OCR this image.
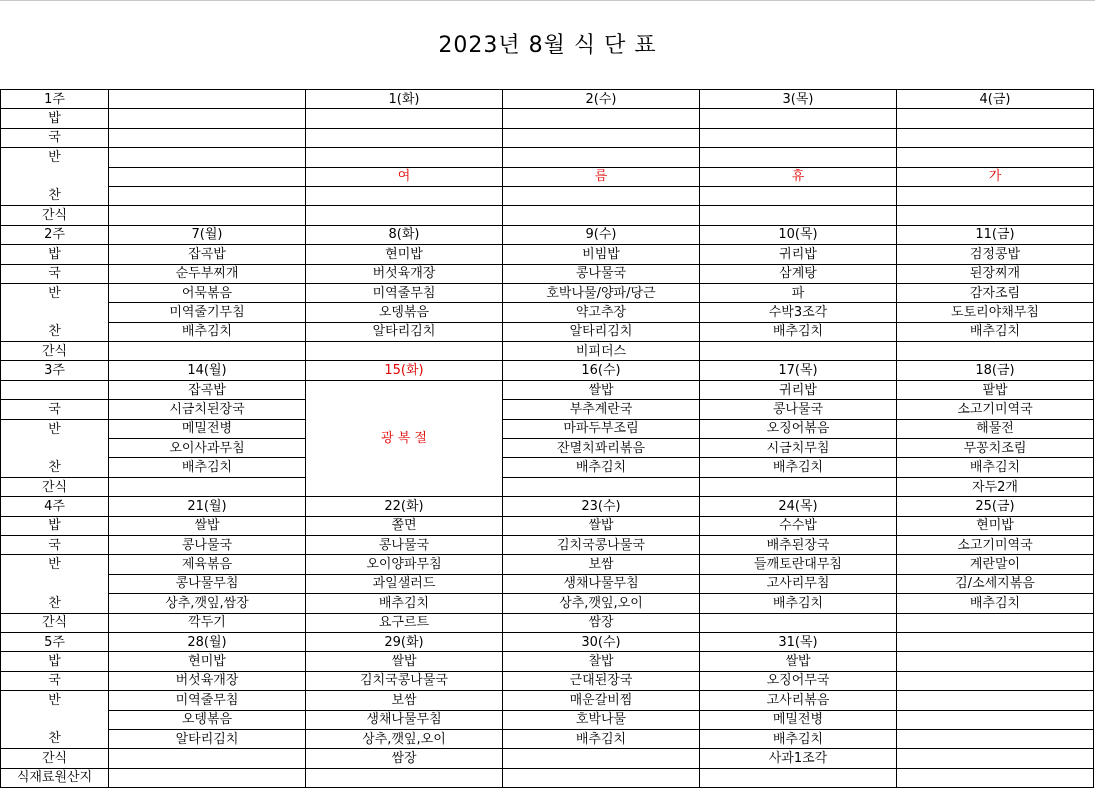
2023년 8월 식 단 표
1주		1(화)	2(수)	3(목)	4(금)
밥					
국					
반					
		여	름	휴	가
찬					
간식					
2주	7(월)	8(화)	9(수)	10(목)	11(금)
밥	잡곡밥	현미밥	비빔밥	귀리밥	검정콩밥
국	순두부찌개	버섯육개장	콩나물국	삼계탕	된장찌개
반	어묵볶음	미역줄무침	호박나물/양파/당근	파	감자조림
	미역줄기무침	오뎅볶음	약고추장	수박3조각	도토리야채무침
찬	배추김치	알타리김치	알타리김치	배추김치	배추김치
간식			비피더스		
3주	14(월)	15(화)	16(수)	17(목)	18(금)
	잡곡밥	광 복 절	쌀밥	귀리밥	팥밥
국	시금치된장국		부추계란국	콩나물국	소고기미역국
반	메밀전병		마파두부조림	오징어볶음	해물전
	오이사과무침		잔멸치꽈리볶음	시금치무침	무꽁치조림
찬	배추김치		배추김치	배추김치	배추김치
간식					자두2개
4주	21(월)	22(화)	23(수)	24(목)	25(금)
밥	쌀밥	쫄면	쌀밥	수수밥	현미밥
국	콩나물국	콩나물국	김치국콩나물국	배추된장국	소고기미역국
반	제육볶음	오이양파무침	보쌈	들깨토란대무침	계란말이
	콩나물무침	과일샐러드	생채나물무침	고사리무침	김/소세지볶음
찬	상추,깻잎,쌈장	배추김치	상추,깻잎,오이	배추김치	배추김치
간식	깍두기	요구르트	쌈장		
5주	28(월)	29(화)	30(수)	31(목)	
밥	현미밥	쌀밥	찰밥	쌀밥	
국	버섯육개장	김치국콩나물국	근대된장국	오징어무국	
반	미역줄무침	보쌈	매운갈비찜	고사리볶음	
	오뎅볶음	생채나물무침	호박나물	메밀전병	
찬	알타리김치	상추,깻잎,오이	배추김치	배추김치	
간식		쌈장		사과1조각	
식재료원산지					
